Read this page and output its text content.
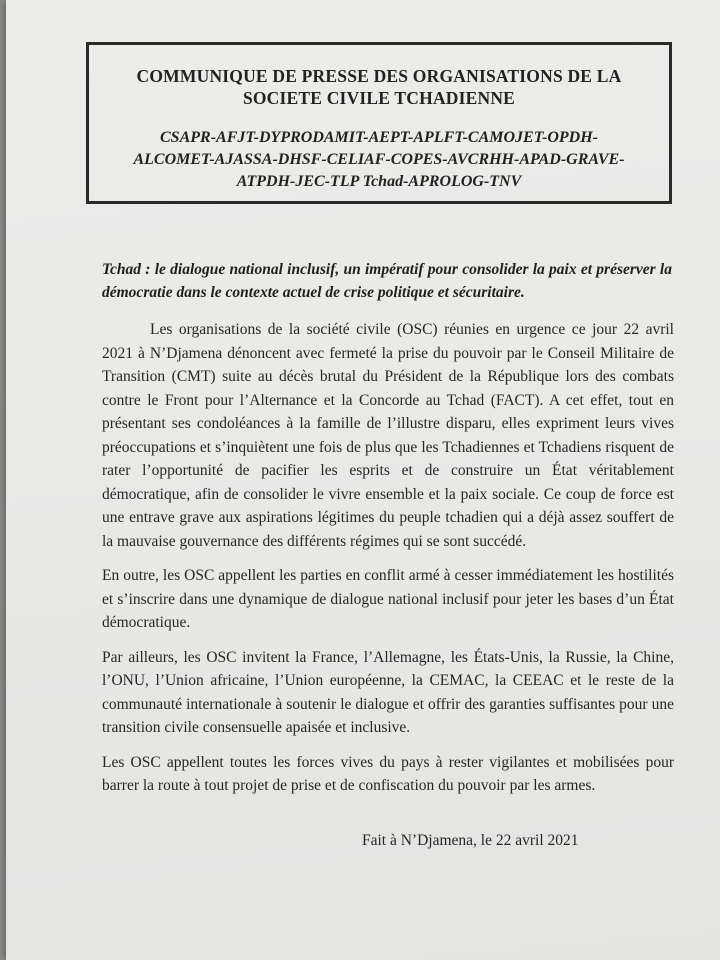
COMMUNIQUE DE PRESSE DES ORGANISATIONS DE LA
SOCIETE CIVILE TCHADIENNE
CSAPR-AFJT-DYPRODAMIT-AEPT-APLFT-CAMOJET-OPDH-
ALCOMET-AJASSA-DHSF-CELIAF-COPES-AVCRHH-APAD-GRAVE-
ATPDH-JEC-TLP Tchad-APROLOG-TNV
Tchad : le dialogue national inclusif, un impératif pour consolider la paix et préserver la démocratie dans le contexte actuel de crise politique et sécuritaire.

Les organisations de la société civile (OSC) réunies en urgence ce jour 22 avril 2021 à N’Djamena dénoncent avec fermeté la prise du pouvoir par le Conseil Militaire de Transition (CMT) suite au décès brutal du Président de la République lors des combats contre le Front pour l’Alternance et la Concorde au Tchad (FACT). A cet effet, tout en présentant ses condoléances à la famille de l’illustre disparu, elles expriment leurs vives préoccupations et s’inquiètent une fois de plus que les Tchadiennes et Tchadiens risquent de rater l’opportunité de pacifier les esprits et de construire un État véritablement démocratique, afin de consolider le vivre ensemble et la paix sociale. Ce coup de force est une entrave grave aux aspirations légitimes du peuple tchadien qui a déjà assez souffert de la mauvaise gouvernance des différents régimes qui se sont succédé.

En outre, les OSC appellent les parties en conflit armé à cesser immédiatement les hostilités et s’inscrire dans une dynamique de dialogue national inclusif pour jeter les bases d’un État démocratique.

Par ailleurs, les OSC invitent la France, l’Allemagne, les États-Unis, la Russie, la Chine, l’ONU, l’Union africaine, l’Union européenne, la CEMAC, la CEEAC et le reste de la communauté internationale à soutenir le dialogue et offrir des garanties suffisantes pour une transition civile consensuelle apaisée et inclusive.

Les OSC appellent toutes les forces vives du pays à rester vigilantes et mobilisées pour barrer la route à tout projet de prise et de confiscation du pouvoir par les armes.

Fait à N’Djamena, le 22 avril 2021
